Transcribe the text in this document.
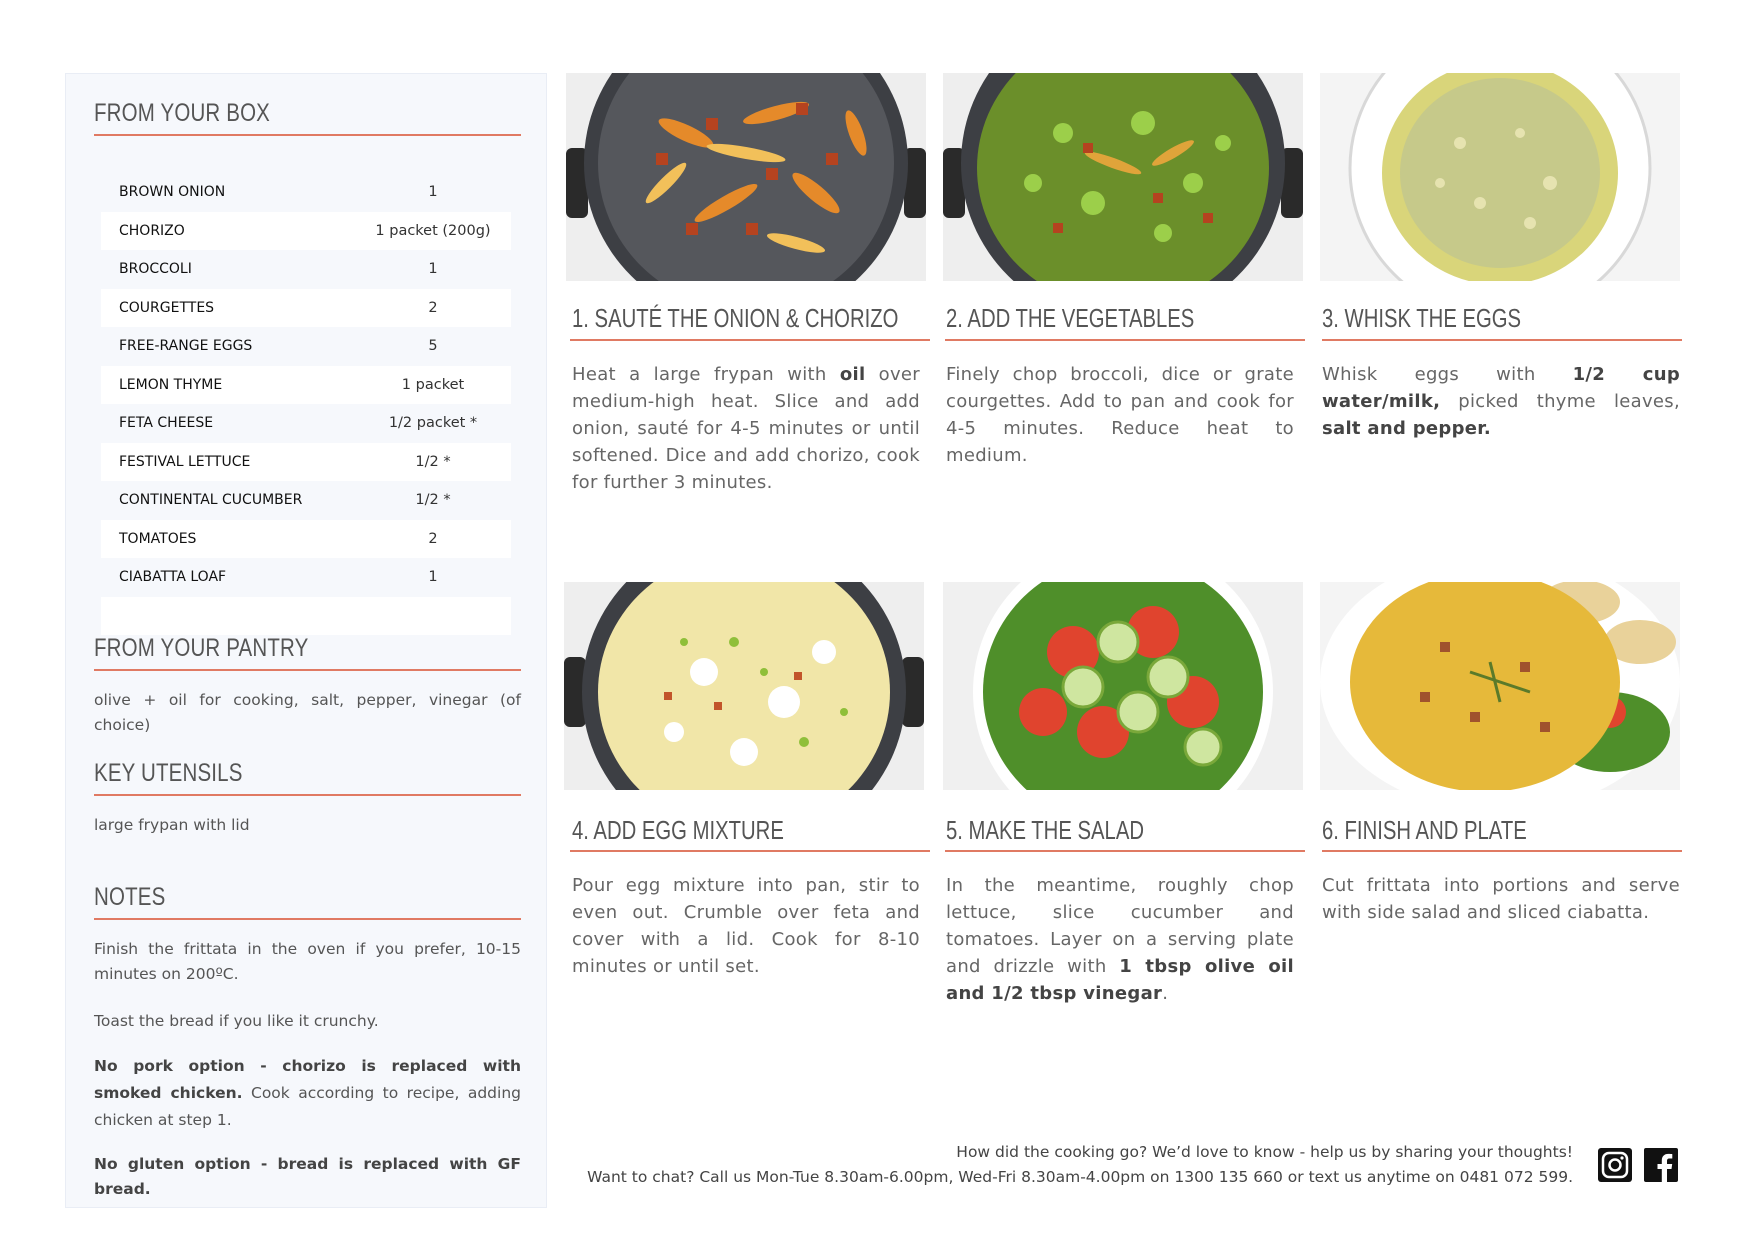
FROM YOUR BOX
BROWN ONION	1
CHORIZO	1 packet (200g)
BROCCOLI	1
COURGETTES	2
FREE-RANGE EGGS	5
LEMON THYME	1 packet
FETA CHEESE	1/2 packet *
FESTIVAL LETTUCE	1/2 *
CONTINENTAL CUCUMBER	1/2 *
TOMATOES	2
CIABATTA LOAF	1
FROM YOUR PANTRY
olive + oil for cooking, salt, pepper, vinegar (of choice)
KEY UTENSILS
large frypan with lid
NOTES
Finish the frittata in the oven if you prefer, 10-15 minutes on 200ºC.
Toast the bread if you like it crunchy.
No pork option - chorizo is replaced with smoked chicken. Cook according to recipe, adding chicken at step 1.
No gluten option - bread is replaced with GF bread.
1. SAUTÉ THE ONION & CHORIZO
Heat a large frypan with oil over medium-high heat. Slice and add onion, sauté for 4-5 minutes or until softened. Dice and add chorizo, cook for further 3 minutes.
2. ADD THE VEGETABLES
Finely chop broccoli, dice or grate courgettes. Add to pan and cook for 4-5 minutes. Reduce heat to medium.
3. WHISK THE EGGS
Whisk eggs with 1/2 cup water/milk, picked thyme leaves, salt and pepper.
4. ADD EGG MIXTURE
Pour egg mixture into pan, stir to even out. Crumble over feta and cover with a lid. Cook for 8-10 minutes or until set.
5. MAKE THE SALAD
In the meantime, roughly chop lettuce, slice cucumber and tomatoes. Layer on a serving plate and drizzle with 1 tbsp olive oil and 1/2 tbsp vinegar.
6. FINISH AND PLATE
Cut frittata into portions and serve with side salad and sliced ciabatta.
How did the cooking go? We’d love to know - help us by sharing your thoughts!
Want to chat? Call us Mon-Tue 8.30am-6.00pm, Wed-Fri 8.30am-4.00pm on 1300 135 660 or text us anytime on 0481 072 599.
